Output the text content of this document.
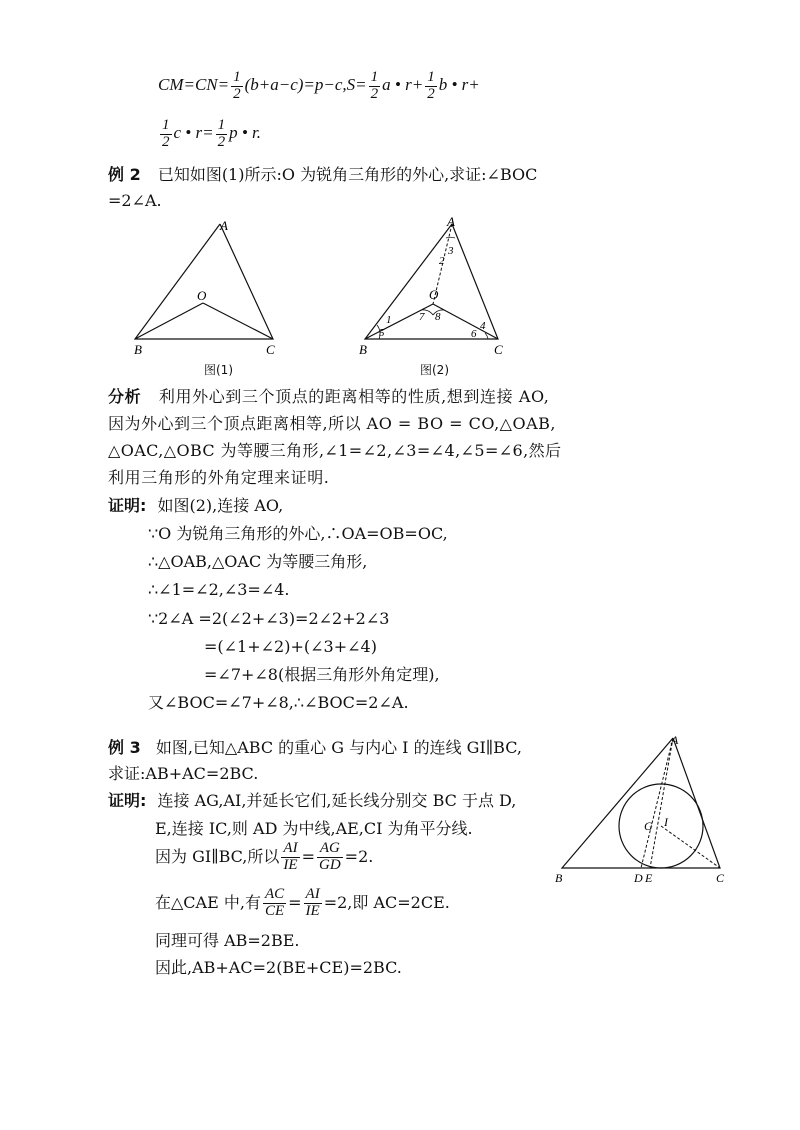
$CM=CN= \frac{1}{2} (b+a-c)=p-c,S= \frac{1}{2}$ a • $r+ \frac{1}{2}$ b • r+
$\frac{1}{2}$ c • $r= \frac{1}{2}$ p • r.
例 2 已知如图(1)所示:O 为锐角三角形的外心,求证:∠BOC
=2∠A.
A
B	C
O
图(1)
A
B	C
O
1
2
3
4
5	6
7 8
图(2)
分析 利用外心到三个顶点的距离相等的性质,想到连接 AO,
因为外心到三个顶点距离相等,所以 AO = BO = CO,△OAB,
△OAC,△OBC 为等腰三角形,∠1=∠2,∠3=∠4,∠5=∠6,然后
利用三角形的外角定理来证明.
证明: 如图(2),连接 AO,
∵O 为锐角三角形的外心,∴OA=OB=OC,
∴△OAB,△OAC 为等腰三角形,
∴∠1=∠2,∠3=∠4.
∵2∠A =2(∠2+∠3)=2∠2+2∠3
=(∠1+∠2)+(∠3+∠4)
=∠7+∠8(根据三角形外角定理),
又∠BOC=∠7+∠8,∴∠BOC=2∠A.
例 3 如图,已知△ABC 的重心 G 与内心 I 的连线 GI∥BC,
求证:AB+AC=2BC.
证明: 连接 AG,AI,并延长它们,延长线分别交 BC 于点 D,
E,连接 IC,则 AD 为中线,AE,CI 为角平分线.
因为 GI∥BC,所以 $\frac{AI}{IE} = \frac{AG}{GD} =2$.
在△CAE 中,有 $\frac{AC}{CE} = \frac{AI}{IE} =2$,即 AC=2CE.
同理可得 AB=2BE.
因此,AB+AC=2(BE+CE)=2BC.
A
B	C
D E
G I
